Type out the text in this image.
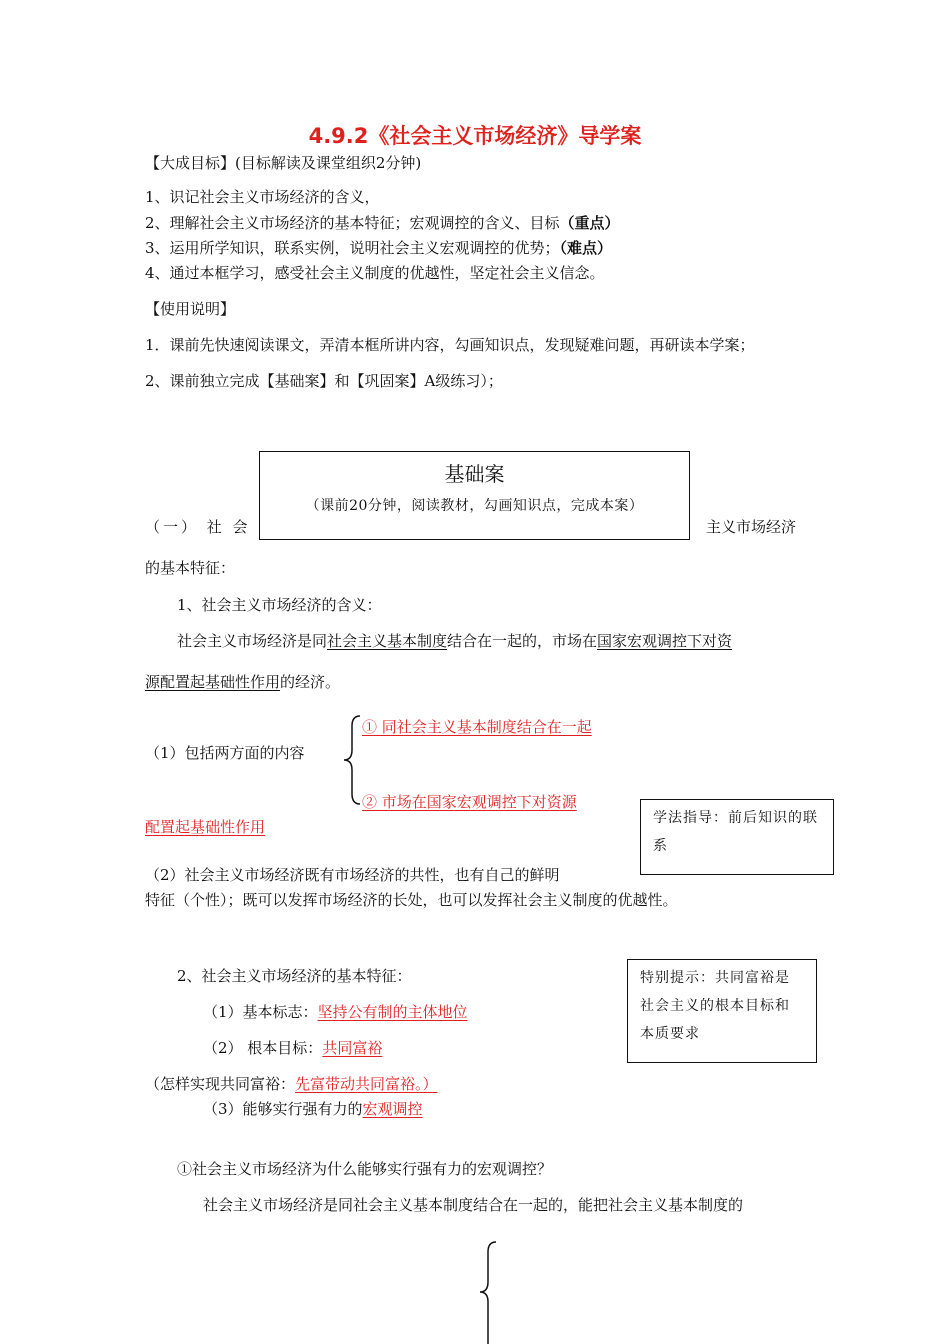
4.9.2《社会主义市场经济》导学案
【大成目标】(目标解读及课堂组织2分钟)
1、识记社会主义市场经济的含义，
2、理解社会主义市场经济的基本特征；宏观调控的含义、目标（重点）
3、运用所学知识，联系实例，说明社会主义宏观调控的优势；（难点）
4、通过本框学习，感受社会主义制度的优越性，坚定社会主义信念。
【使用说明】
1．课前先快速阅读课文，弄清本框所讲内容，勾画知识点，发现疑难问题，再研读本学案；
2、课前独立完成【基础案】和【巩固案】A级练习）；
基础案
（课前20分钟，阅读教材，勾画知识点，完成本案）
（一） 社 会	主义市场经济
的基本特征：
1、社会主义市场经济的含义：
社会主义市场经济是同社会主义基本制度结合在一起的，市场在国家宏观调控下对资
源配置起基础性作用的经济。
（1）包括两方面的内容
① 同社会主义基本制度结合在一起
② 市场在国家宏观调控下对资源
配置起基础性作用	学法指导：前后知识的联系
（2）社会主义市场经济既有市场经济的共性，也有自己的鲜明
特征（个性）；既可以发挥市场经济的长处，也可以发挥社会主义制度的优越性。
2、社会主义市场经济的基本特征：
（1）基本标志：坚持公有制的主体地位
（2） 根本目标：共同富裕
（怎样实现共同富裕：先富带动共同富裕。）
（3）能够实行强有力的宏观调控
特别提示：共同富裕是社会主义的根本目标和本质要求
①社会主义市场经济为什么能够实行强有力的宏观调控？
社会主义市场经济是同社会主义基本制度结合在一起的，能把社会主义基本制度的
